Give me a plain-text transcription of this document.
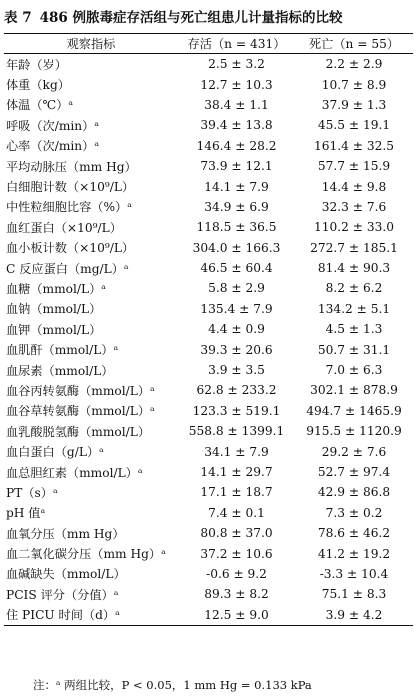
表 7 486 例脓毒症存活组与死亡组患儿计量指标的比较
观察指标	存活（n = 431）	死亡（n = 55）
年龄（岁）	2.5 ± 3.2	2.2 ± 2.9
体重（kg）	12.7 ± 10.3	10.7 ± 8.9
体温（℃）ᵃ	38.4 ± 1.1	37.9 ± 1.3
呼吸（次/min）ᵃ	39.4 ± 13.8	45.5 ± 19.1
心率（次/min）ᵃ	146.4 ± 28.2	161.4 ± 32.5
平均动脉压（mm Hg）	73.9 ± 12.1	57.7 ± 15.9
白细胞计数（×10⁹/L）	14.1 ± 7.9	14.4 ± 9.8
中性粒细胞比容（%）ᵃ	34.9 ± 6.9	32.3 ± 7.6
血红蛋白（×10⁹/L）	118.5 ± 36.5	110.2 ± 33.0
血小板计数（×10⁹/L）	304.0 ± 166.3	272.7 ± 185.1
C 反应蛋白（mg/L）ᵃ	46.5 ± 60.4	81.4 ± 90.3
血糖（mmol/L）ᵃ	5.8 ± 2.9	8.2 ± 6.2
血钠（mmol/L）	135.4 ± 7.9	134.2 ± 5.1
血钾（mmol/L）	4.4 ± 0.9	4.5 ± 1.3
血肌酐（mmol/L）ᵃ	39.3 ± 20.6	50.7 ± 31.1
血尿素（mmol/L）	3.9 ± 3.5	7.0 ± 6.3
血谷丙转氨酶（mmol/L）ᵃ	62.8 ± 233.2	302.1 ± 878.9
血谷草转氨酶（mmol/L）ᵃ	123.3 ± 519.1	494.7 ± 1465.9
血乳酸脱氢酶（mmol/L）	558.8 ± 1399.1	915.5 ± 1120.9
血白蛋白（g/L）ᵃ	34.1 ± 7.9	29.2 ± 7.6
血总胆红素（mmol/L）ᵃ	14.1 ± 29.7	52.7 ± 97.4
PT（s）ᵃ	17.1 ± 18.7	42.9 ± 86.8
pH 值ᵃ	7.4 ± 0.1	7.3 ± 0.2
血氧分压（mm Hg）	80.8 ± 37.0	78.6 ± 46.2
血二氧化碳分压（mm Hg）ᵃ	37.2 ± 10.6	41.2 ± 19.2
血碱缺失（mmol/L）	-0.6 ± 9.2	-3.3 ± 10.4
PCIS 评分（分值）ᵃ	89.3 ± 8.2	75.1 ± 8.3
住 PICU 时间（d）ᵃ	12.5 ± 9.0	3.9 ± 4.2
注：ᵃ 两组比较，P < 0.05，1 mm Hg = 0.133 kPa
